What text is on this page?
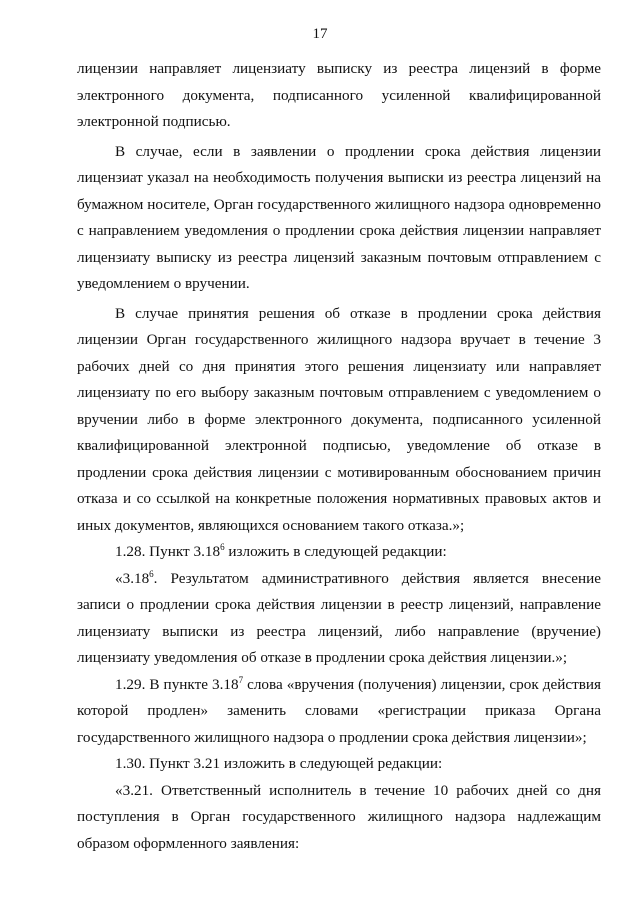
17

лицензии направляет лицензиату выписку из реестра лицензий в форме электронного документа, подписанного усиленной квалифицированной электронной подписью.

В случае, если в заявлении о продлении срока действия лицензии лицензиат указал на необходимость получения выписки из реестра лицензий на бумажном носителе, Орган государственного жилищного надзора одновременно с направлением уведомления о продлении срока действия лицензии направляет лицензиату выписку из реестра лицензий заказным почтовым отправлением с уведомлением о вручении.

В случае принятия решения об отказе в продлении срока действия лицензии Орган государственного жилищного надзора вручает в течение 3 рабочих дней со дня принятия этого решения лицензиату или направляет лицензиату по его выбору заказным почтовым отправлением с уведомлением о вручении либо в форме электронного документа, подписанного усиленной квалифицированной электронной подписью, уведомление об отказе в продлении срока действия лицензии с мотивированным обоснованием причин отказа и со ссылкой на конкретные положения нормативных правовых актов и иных документов, являющихся основанием такого отказа.»;

1.28. Пункт 3.18$^6$ изложить в следующей редакции:

«3.18$^6$. Результатом административного действия является внесение записи о продлении срока действия лицензии в реестр лицензий, направление лицензиату выписки из реестра лицензий, либо направление (вручение) лицензиату уведомления об отказе в продлении срока действия лицензии.»;

1.29. В пункте 3.18$^7$ слова «вручения (получения) лицензии, срок действия которой продлен» заменить словами «регистрации приказа Органа государственного жилищного надзора о продлении срока действия лицензии»;

1.30. Пункт 3.21 изложить в следующей редакции:

«3.21. Ответственный исполнитель в течение 10 рабочих дней со дня поступления в Орган государственного жилищного надзора надлежащим образом оформленного заявления:
